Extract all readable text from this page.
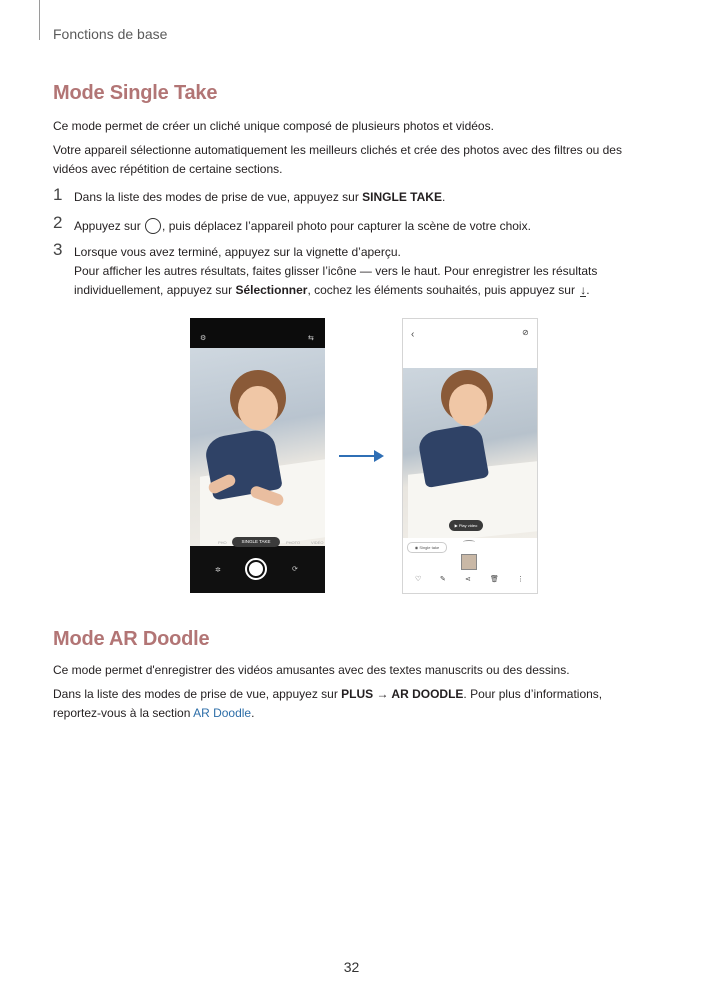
Fonctions de base
Mode Single Take
Ce mode permet de créer un cliché unique composé de plusieurs photos et vidéos.
Votre appareil sélectionne automatiquement les meilleurs clichés et crée des photos avec des filtres ou des vidéos avec répétition de certaine sections.
1 Dans la liste des modes de prise de vue, appuyez sur SINGLE TAKE.
2 Appuyez sur , puis déplacez l’appareil photo pour capturer la scène de votre choix.
3 Lorsque vous avez terminé, appuyez sur la vignette d’aperçu.
Pour afficher les autres résultats, faites glisser l’icône — vers le haut. Pour enregistrer les résultats individuellement, appuyez sur Sélectionner, cochez les éléments souhaités, puis appuyez sur ↓.
⚙	⇆
✲	⟳
PHO	SINGLE TAKE	PHOTO	VIDÉO
‹	⊘
▶ Play video
◉ Single take
♡	✎	⋖	🗑	⋮
Mode AR Doodle
Ce mode permet d'enregistrer des vidéos amusantes avec des textes manuscrits ou des dessins.
Dans la liste des modes de prise de vue, appuyez sur PLUS → AR DOODLE. Pour plus d’informations, reportez-vous à la section AR Doodle.
32
